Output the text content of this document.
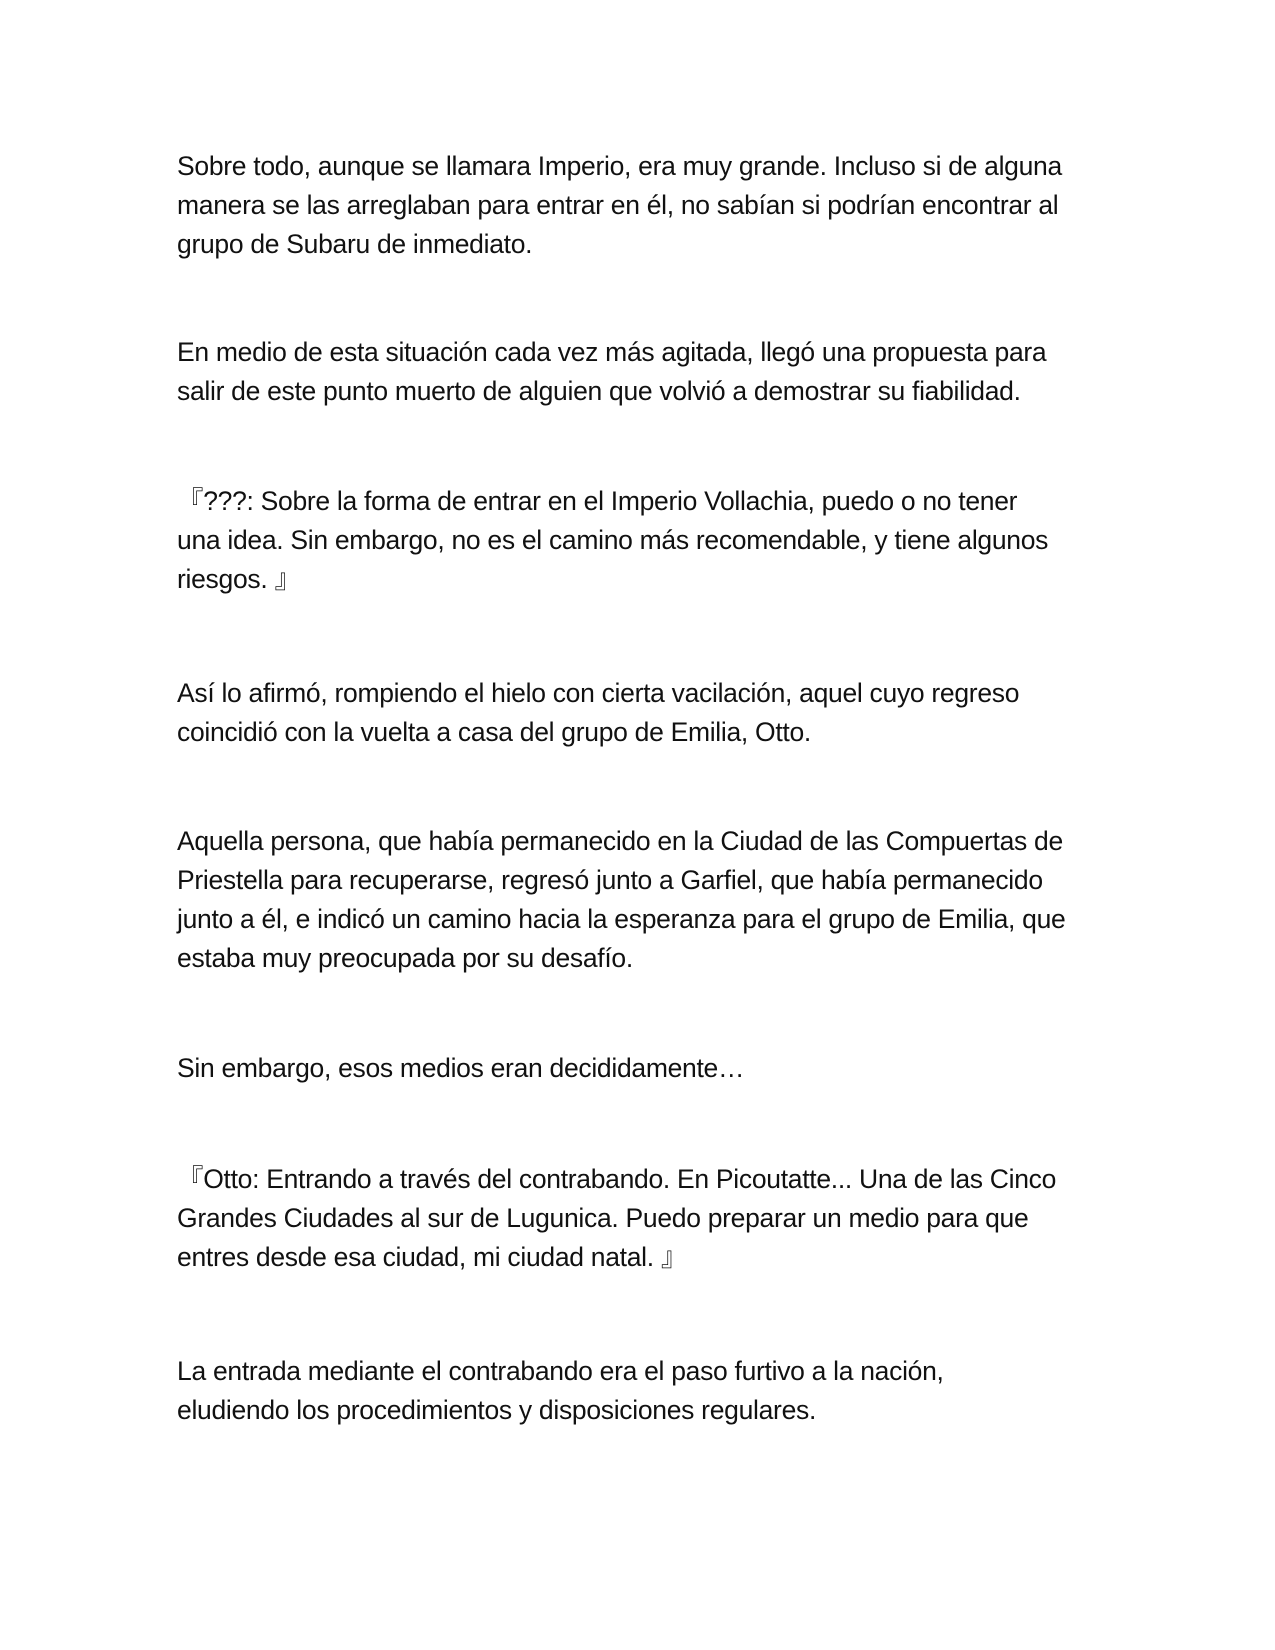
Sobre todo, aunque se llamara Imperio, era muy grande. Incluso si de alguna
manera se las arreglaban para entrar en él, no sabían si podrían encontrar al
grupo de Subaru de inmediato.

En medio de esta situación cada vez más agitada, llegó una propuesta para
salir de este punto muerto de alguien que volvió a demostrar su fiabilidad.

『???: Sobre la forma de entrar en el Imperio Vollachia, puedo o no tener
una idea. Sin embargo, no es el camino más recomendable, y tiene algunos
riesgos. 』

Así lo afirmó, rompiendo el hielo con cierta vacilación, aquel cuyo regreso
coincidió con la vuelta a casa del grupo de Emilia, Otto.

Aquella persona, que había permanecido en la Ciudad de las Compuertas de
Priestella para recuperarse, regresó junto a Garfiel, que había permanecido
junto a él, e indicó un camino hacia la esperanza para el grupo de Emilia, que
estaba muy preocupada por su desafío.

Sin embargo, esos medios eran decididamente…

『Otto: Entrando a través del contrabando. En Picoutatte... Una de las Cinco
Grandes Ciudades al sur de Lugunica. Puedo preparar un medio para que
entres desde esa ciudad, mi ciudad natal. 』

La entrada mediante el contrabando era el paso furtivo a la nación,
eludiendo los procedimientos y disposiciones regulares.
